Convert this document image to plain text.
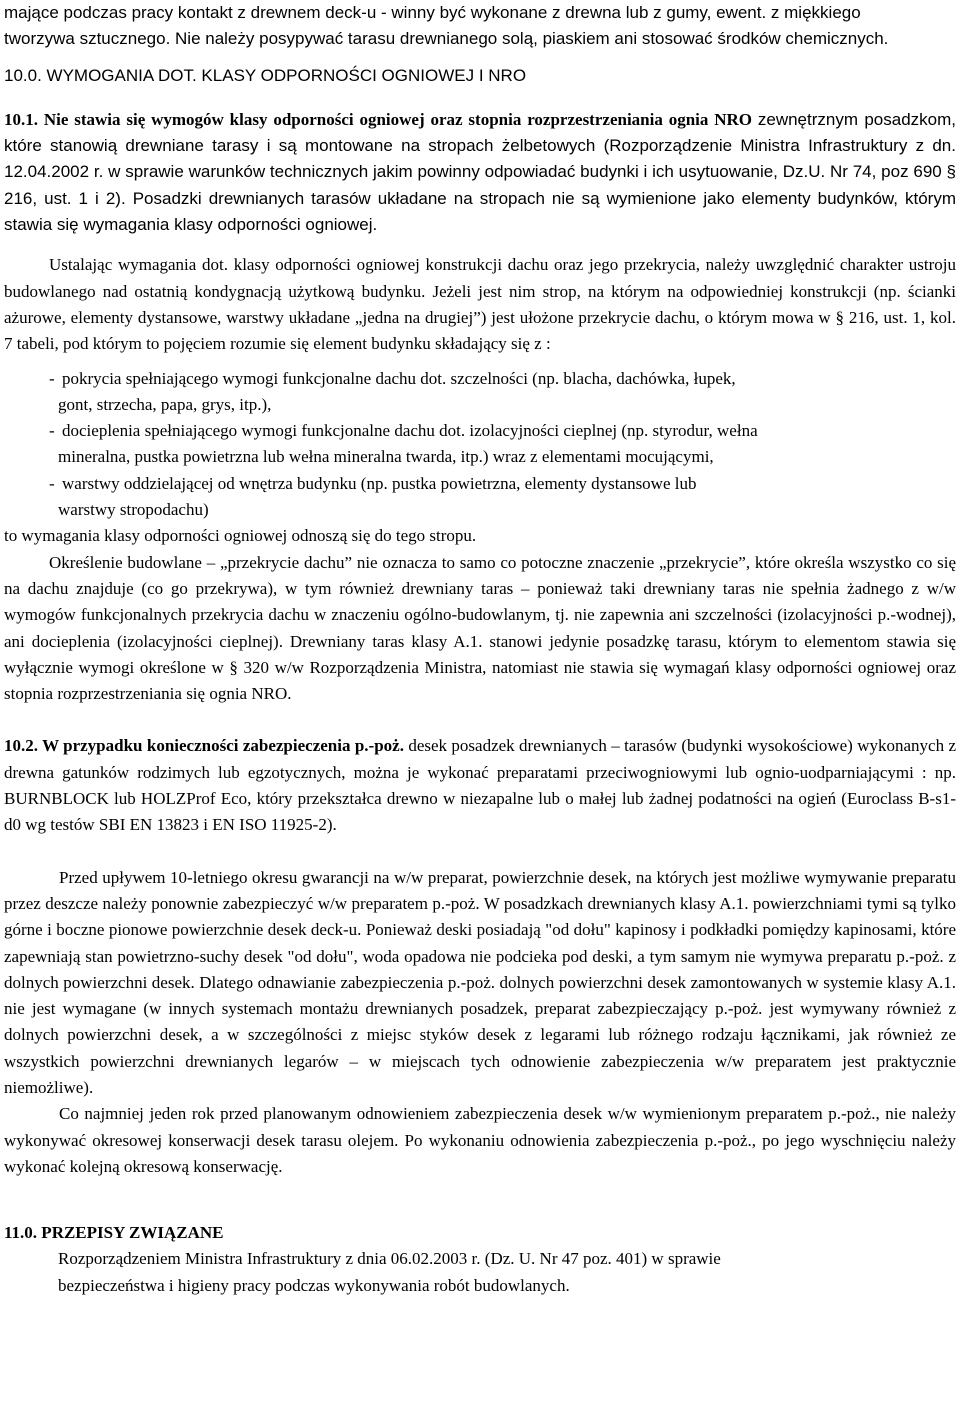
mające podczas pracy kontakt z drewnem deck-u - winny być wykonane z drewna lub z gumy, ewent. z miękkiego

tworzywa sztucznego. Nie należy posypywać tarasu drewnianego solą, piaskiem ani stosować środków chemicznych.

10.0. WYMOGANIA DOT. KLASY ODPORNOŚCI OGNIOWEJ I NRO

10.1. Nie stawia się wymogów klasy odporności ogniowej oraz stopnia rozprzestrzeniania ognia NRO zewnętrznym posadzkom, które stanowią drewniane tarasy i są montowane na stropach żelbetowych (Rozporządzenie Ministra Infrastruktury z dn. 12.04.2002 r. w sprawie warunków technicznych jakim powinny odpowiadać budynki i ich usytuowanie, Dz.U. Nr 74, poz 690 § 216, ust. 1 i 2). Posadzki drewnianych tarasów układane na stropach nie są wymienione jako elementy budynków, którym stawia się wymagania klasy odporności ogniowej.

Ustalając wymagania dot. klasy odporności ogniowej konstrukcji dachu oraz jego przekrycia, należy uwzględnić charakter ustroju budowlanego nad ostatnią kondygnacją użytkową budynku. Jeżeli jest nim strop, na którym na odpowiedniej konstrukcji (np. ścianki ażurowe, elementy dystansowe, warstwy układane „jedna na drugiej”) jest ułożone przekrycie dachu, o którym mowa w § 216, ust. 1, kol. 7 tabeli, pod którym to pojęciem rozumie się element budynku składający się z :

- pokrycia spełniającego wymogi funkcjonalne dachu dot. szczelności (np. blacha, dachówka, łupek,

gont, strzecha, papa, grys, itp.),

- docieplenia spełniającego wymogi funkcjonalne dachu dot. izolacyjności cieplnej (np. styrodur, wełna

mineralna, pustka powietrzna lub wełna mineralna twarda, itp.) wraz z elementami mocującymi,

- warstwy oddzielającej od wnętrza budynku (np. pustka powietrzna, elementy dystansowe lub

warstwy stropodachu)

to wymagania klasy odporności ogniowej odnoszą się do tego stropu.

Określenie budowlane – „przekrycie dachu” nie oznacza to samo co potoczne znaczenie „przekrycie”, które określa wszystko co się na dachu znajduje (co go przekrywa), w tym również drewniany taras – ponieważ taki drewniany taras nie spełnia żadnego z w/w wymogów funkcjonalnych przekrycia dachu w znaczeniu ogólno-budowlanym, tj. nie zapewnia ani szczelności (izolacyjności p.-wodnej), ani docieplenia (izolacyjności cieplnej). Drewniany taras klasy A.1. stanowi jedynie posadzkę tarasu, którym to elementom stawia się wyłącznie wymogi określone w § 320 w/w Rozporządzenia Ministra, natomiast nie stawia się wymagań klasy odporności ogniowej oraz stopnia rozprzestrzeniania się ognia NRO.

10.2. W przypadku konieczności zabezpieczenia p.-poż. desek posadzek drewnianych – tarasów (budynki wysokościowe) wykonanych z drewna gatunków rodzimych lub egzotycznych, można je wykonać preparatami przeciwogniowymi lub ognio-uodparniającymi : np. BURNBLOCK lub HOLZProf Eco, który przekształca drewno w niezapalne lub o małej lub żadnej podatności na ogień (Euroclass B-s1-d0 wg testów SBI EN 13823 i EN ISO 11925-2).

Przed upływem 10-letniego okresu gwarancji na w/w preparat, powierzchnie desek, na których jest możliwe wymywanie preparatu przez deszcze należy ponownie zabezpieczyć w/w preparatem p.-poż. W posadzkach drewnianych klasy A.1. powierzchniami tymi są tylko górne i boczne pionowe powierzchnie desek deck-u. Ponieważ deski posiadają "od dołu" kapinosy i podkładki pomiędzy kapinosami, które zapewniają stan powietrzno-suchy desek "od dołu", woda opadowa nie podcieka pod deski, a tym samym nie wymywa preparatu p.-poż. z dolnych powierzchni desek. Dlatego odnawianie zabezpieczenia p.-poż. dolnych powierzchni desek zamontowanych w systemie klasy A.1. nie jest wymagane (w innych systemach montażu drewnianych posadzek, preparat zabezpieczający p.-poż. jest wymywany również z dolnych powierzchni desek, a w szczególności z miejsc styków desek z legarami lub różnego rodzaju łącznikami, jak również ze wszystkich powierzchni drewnianych legarów – w miejscach tych odnowienie zabezpieczenia w/w preparatem jest praktycznie niemożliwe).

Co najmniej jeden rok przed planowanym odnowieniem zabezpieczenia desek w/w wymienionym preparatem p.-poż., nie należy wykonywać okresowej konserwacji desek tarasu olejem. Po wykonaniu odnowienia zabezpieczenia p.-poż., po jego wyschnięciu należy wykonać kolejną okresową konserwację.

11.0. PRZEPISY ZWIĄZANE

Rozporządzeniem Ministra Infrastruktury z dnia 06.02.2003 r. (Dz. U. Nr 47 poz. 401) w sprawie

bezpieczeństwa i higieny pracy podczas wykonywania robót budowlanych.
